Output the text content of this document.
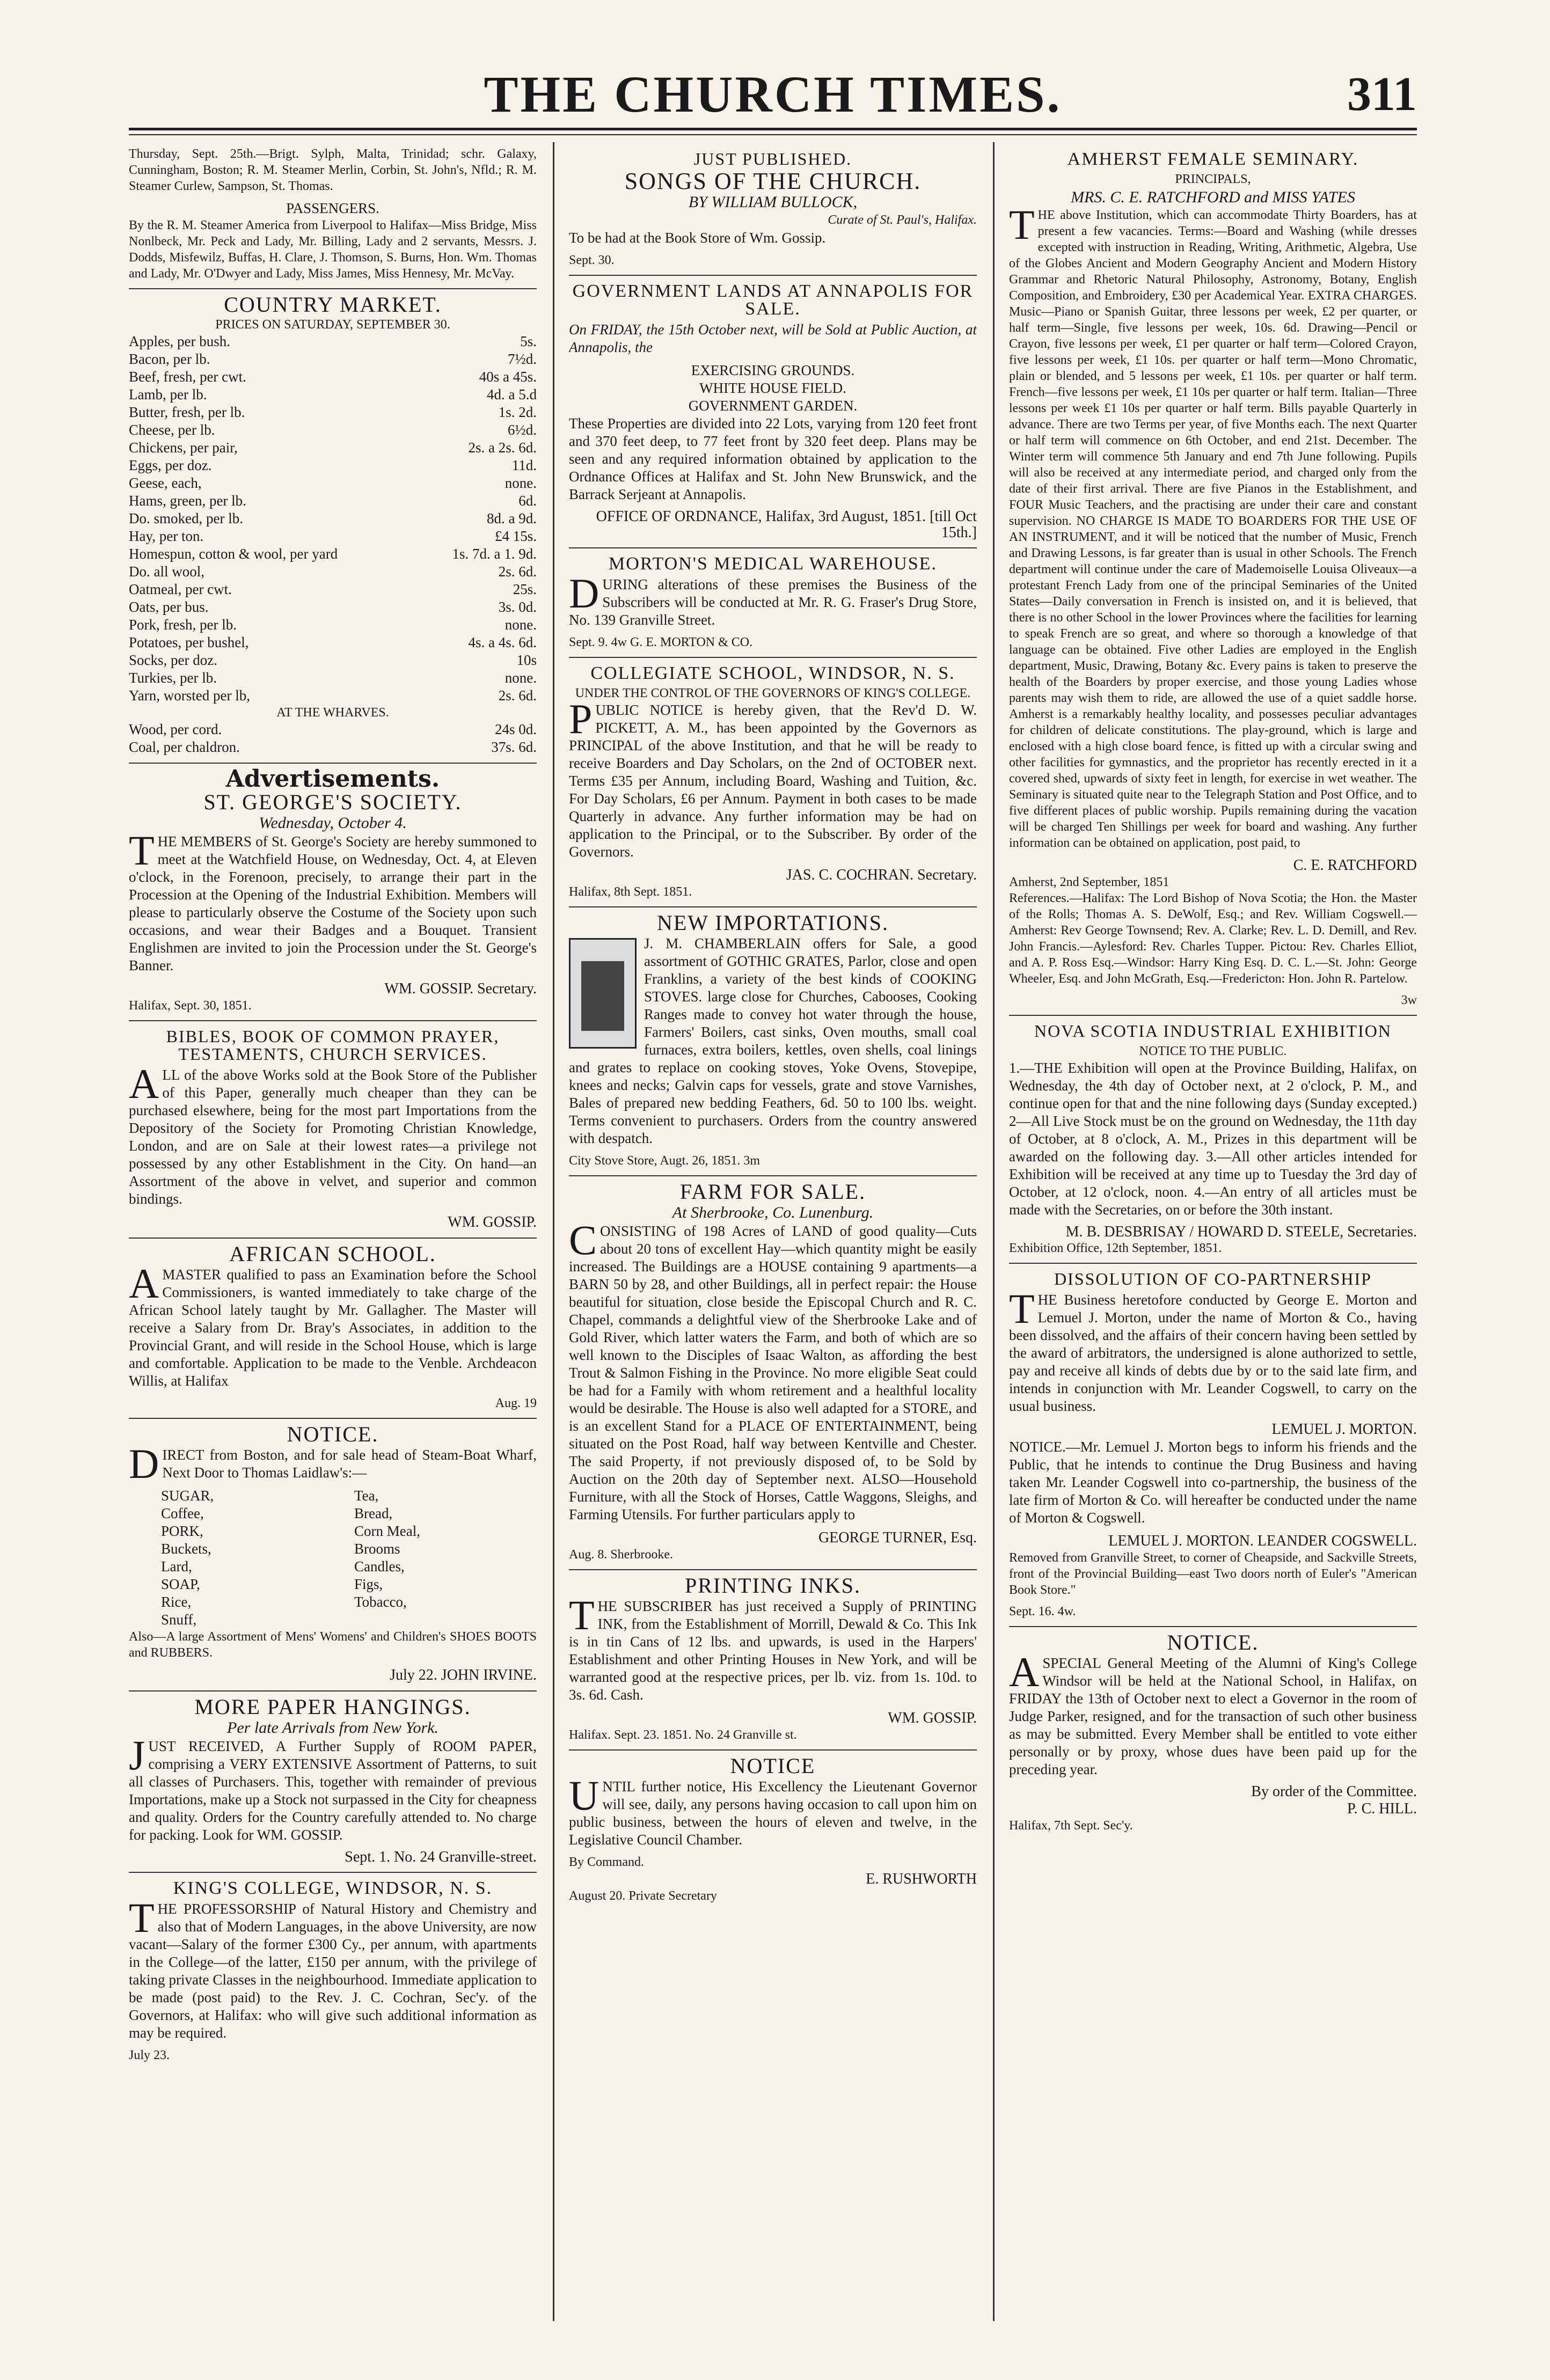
THE CHURCH TIMES.	311
Thursday, Sept. 25th.—Brigt. Sylph, Malta, Trinidad; schr. Galaxy, Cunningham, Boston; R. M. Steamer Merlin, Corbin, St. John's, Nfld.; R. M. Steamer Curlew, Sampson, St. Thomas.
PASSENGERS.
By the R. M. Steamer America from Liverpool to Halifax—Miss Bridge, Miss Nonlbeck, Mr. Peck and Lady, Mr. Billing, Lady and 2 servants, Messrs. J. Dodds, Misfewilz, Buffas, H. Clare, J. Thomson, S. Burns, Hon. Wm. Thomas and Lady, Mr. O'Dwyer and Lady, Miss James, Miss Hennesy, Mr. McVay.
COUNTRY MARKET.
PRICES ON SATURDAY, SEPTEMBER 30.
Apples, per bush.	5s.
Bacon, per lb.	7½d.
Beef, fresh, per cwt.	40s a 45s.
Lamb, per lb.	4d. a 5.d
Butter, fresh, per lb.	1s. 2d.
Cheese, per lb.	6½d.
Chickens, per pair,	2s. a 2s. 6d.
Eggs, per doz.	11d.
Geese, each,	none.
Hams, green, per lb.	6d.
Do. smoked, per lb.	8d. a 9d.
Hay, per ton.	£4 15s.
Homespun, cotton & wool, per yard	1s. 7d. a 1. 9d.
Do. all wool,	2s. 6d.
Oatmeal, per cwt.	25s.
Oats, per bus.	3s. 0d.
Pork, fresh, per lb.	none.
Potatoes, per bushel,	4s. a 4s. 6d.
Socks, per doz.	10s
Turkies, per lb.	none.
Yarn, worsted per lb,	2s. 6d.
AT THE WHARVES.
Wood, per cord.	24s 0d.
Coal, per chaldron.	37s. 6d.
Advertisements.
ST. GEORGE'S SOCIETY.
Wednesday, October 4.
THE MEMBERS of St. George's Society are hereby summoned to meet at the Watchfield House, on Wednesday, Oct. 4, at Eleven o'clock, in the Forenoon, precisely, to arrange their part in the Procession at the Opening of the Industrial Exhibition. Members will please to particularly observe the Costume of the Society upon such occasions, and wear their Badges and a Bouquet. Transient Englishmen are invited to join the Procession under the St. George's Banner.
WM. GOSSIP. Secretary.
Halifax, Sept. 30, 1851.
BIBLES, BOOK OF COMMON PRAYER, TESTAMENTS, CHURCH SERVICES.
ALL of the above Works sold at the Book Store of the Publisher of this Paper, generally much cheaper than they can be purchased elsewhere, being for the most part Importations from the Depository of the Society for Promoting Christian Knowledge, London, and are on Sale at their lowest rates—a privilege not possessed by any other Establishment in the City. On hand—an Assortment of the above in velvet, and superior and common bindings.
WM. GOSSIP.
AFRICAN SCHOOL.
AMASTER qualified to pass an Examination before the School Commissioners, is wanted immediately to take charge of the African School lately taught by Mr. Gallagher. The Master will receive a Salary from Dr. Bray's Associates, in addition to the Provincial Grant, and will reside in the School House, which is large and comfortable. Application to be made to the Venble. Archdeacon Willis, at Halifax
Aug. 19
NOTICE.
DIRECT from Boston, and for sale head of Steam-Boat Wharf, Next Door to Thomas Laidlaw's:—
SUGAR,	Tea,
Coffee,	Bread,
PORK,	Corn Meal,
Buckets,	Brooms
Lard,	Candles,
SOAP,	Figs,
Rice,	Tobacco,
Snuff,
Also—A large Assortment of Mens' Womens' and Children's SHOES BOOTS and RUBBERS.
July 22. JOHN IRVINE.
MORE PAPER HANGINGS.
Per late Arrivals from New York.
JUST RECEIVED, A Further Supply of ROOM PAPER, comprising a VERY EXTENSIVE Assortment of Patterns, to suit all classes of Purchasers. This, together with remainder of previous Importations, make up a Stock not surpassed in the City for cheapness and quality. Orders for the Country carefully attended to. No charge for packing. Look for WM. GOSSIP.
Sept. 1. No. 24 Granville-street.
KING'S COLLEGE, WINDSOR, N. S.
THE PROFESSORSHIP of Natural History and Chemistry and also that of Modern Languages, in the above University, are now vacant—Salary of the former £300 Cy., per annum, with apartments in the College—of the latter, £150 per annum, with the privilege of taking private Classes in the neighbourhood. Immediate application to be made (post paid) to the Rev. J. C. Cochran, Sec'y. of the Governors, at Halifax: who will give such additional information as may be required.
July 23.
JUST PUBLISHED.
SONGS OF THE CHURCH.
BY WILLIAM BULLOCK,
Curate of St. Paul's, Halifax.
To be had at the Book Store of Wm. Gossip.
Sept. 30.
GOVERNMENT LANDS AT ANNAPOLIS FOR SALE.
On FRIDAY, the 15th October next, will be Sold at Public Auction, at Annapolis, the
EXERCISING GROUNDS.
WHITE HOUSE FIELD.
GOVERNMENT GARDEN.
These Properties are divided into 22 Lots, varying from 120 feet front and 370 feet deep, to 77 feet front by 320 feet deep. Plans may be seen and any required information obtained by application to the Ordnance Offices at Halifax and St. John New Brunswick, and the Barrack Serjeant at Annapolis.
OFFICE OF ORDNANCE, Halifax, 3rd August, 1851. [till Oct 15th.]
MORTON'S MEDICAL WAREHOUSE.
DURING alterations of these premises the Business of the Subscribers will be conducted at Mr. R. G. Fraser's Drug Store, No. 139 Granville Street.
Sept. 9. 4w G. E. MORTON & CO.
COLLEGIATE SCHOOL, WINDSOR, N. S.
UNDER THE CONTROL OF THE GOVERNORS OF KING'S COLLEGE.
PUBLIC NOTICE is hereby given, that the Rev'd D. W. PICKETT, A. M., has been appointed by the Governors as PRINCIPAL of the above Institution, and that he will be ready to receive Boarders and Day Scholars, on the 2nd of OCTOBER next. Terms £35 per Annum, including Board, Washing and Tuition, &c. For Day Scholars, £6 per Annum. Payment in both cases to be made Quarterly in advance. Any further information may be had on application to the Principal, or to the Subscriber. By order of the Governors.
JAS. C. COCHRAN. Secretary.
Halifax, 8th Sept. 1851.
NEW IMPORTATIONS.
J. M. CHAMBERLAIN offers for Sale, a good assortment of GOTHIC GRATES, Parlor, close and open Franklins, a variety of the best kinds of COOKING STOVES. large close for Churches, Cabooses, Cooking Ranges made to convey hot water through the house, Farmers' Boilers, cast sinks, Oven mouths, small coal furnaces, extra boilers, kettles, oven shells, coal linings and grates to replace on cooking stoves, Yoke Ovens, Stovepipe, knees and necks; Galvin caps for vessels, grate and stove Varnishes, Bales of prepared new bedding Feathers, 6d. 50 to 100 lbs. weight. Terms convenient to purchasers. Orders from the country answered with despatch.
City Stove Store, Augt. 26, 1851. 3m
FARM FOR SALE.
At Sherbrooke, Co. Lunenburg.
CONSISTING of 198 Acres of LAND of good quality—Cuts about 20 tons of excellent Hay—which quantity might be easily increased. The Buildings are a HOUSE containing 9 apartments—a BARN 50 by 28, and other Buildings, all in perfect repair: the House beautiful for situation, close beside the Episcopal Church and R. C. Chapel, commands a delightful view of the Sherbrooke Lake and of Gold River, which latter waters the Farm, and both of which are so well known to the Disciples of Isaac Walton, as affording the best Trout & Salmon Fishing in the Province. No more eligible Seat could be had for a Family with whom retirement and a healthful locality would be desirable. The House is also well adapted for a STORE, and is an excellent Stand for a PLACE OF ENTERTAINMENT, being situated on the Post Road, half way between Kentville and Chester. The said Property, if not previously disposed of, to be Sold by Auction on the 20th day of September next. ALSO—Household Furniture, with all the Stock of Horses, Cattle Waggons, Sleighs, and Farming Utensils. For further particulars apply to
GEORGE TURNER, Esq.
Aug. 8. Sherbrooke.
PRINTING INKS.
THE SUBSCRIBER has just received a Supply of PRINTING INK, from the Establishment of Morrill, Dewald & Co. This Ink is in tin Cans of 12 lbs. and upwards, is used in the Harpers' Establishment and other Printing Houses in New York, and will be warranted good at the respective prices, per lb. viz. from 1s. 10d. to 3s. 6d. Cash.
WM. GOSSIP.
Halifax. Sept. 23. 1851. No. 24 Granville st.
NOTICE
UNTIL further notice, His Excellency the Lieutenant Governor will see, daily, any persons having occasion to call upon him on public business, between the hours of eleven and twelve, in the Legislative Council Chamber.
By Command.
E. RUSHWORTH
August 20. Private Secretary
AMHERST FEMALE SEMINARY.
PRINCIPALS,
MRS. C. E. RATCHFORD and MISS YATES
THE above Institution, which can accommodate Thirty Boarders, has at present a few vacancies. Terms:—Board and Washing (while dresses excepted with instruction in Reading, Writing, Arithmetic, Algebra, Use of the Globes Ancient and Modern Geography Ancient and Modern History Grammar and Rhetoric Natural Philosophy, Astronomy, Botany, English Composition, and Embroidery, £30 per Academical Year. EXTRA CHARGES. Music—Piano or Spanish Guitar, three lessons per week, £2 per quarter, or half term—Single, five lessons per week, 10s. 6d. Drawing—Pencil or Crayon, five lessons per week, £1 per quarter or half term—Colored Crayon, five lessons per week, £1 10s. per quarter or half term—Mono Chromatic, plain or blended, and 5 lessons per week, £1 10s. per quarter or half term. French—five lessons per week, £1 10s per quarter or half term. Italian—Three lessons per week £1 10s per quarter or half term. Bills payable Quarterly in advance. There are two Terms per year, of five Months each. The next Quarter or half term will commence on 6th October, and end 21st. December. The Winter term will commence 5th January and end 7th June following. Pupils will also be received at any intermediate period, and charged only from the date of their first arrival. There are five Pianos in the Establishment, and FOUR Music Teachers, and the practising are under their care and constant supervision. NO CHARGE IS MADE TO BOARDERS FOR THE USE OF AN INSTRUMENT, and it will be noticed that the number of Music, French and Drawing Lessons, is far greater than is usual in other Schools. The French department will continue under the care of Mademoiselle Louisa Oliveaux—a protestant French Lady from one of the principal Seminaries of the United States—Daily conversation in French is insisted on, and it is believed, that there is no other School in the lower Provinces where the facilities for learning to speak French are so great, and where so thorough a knowledge of that language can be obtained. Five other Ladies are employed in the English department, Music, Drawing, Botany &c. Every pains is taken to preserve the health of the Boarders by proper exercise, and those young Ladies whose parents may wish them to ride, are allowed the use of a quiet saddle horse. Amherst is a remarkably healthy locality, and possesses peculiar advantages for children of delicate constitutions. The play-ground, which is large and enclosed with a high close board fence, is fitted up with a circular swing and other facilities for gymnastics, and the proprietor has recently erected in it a covered shed, upwards of sixty feet in length, for exercise in wet weather. The Seminary is situated quite near to the Telegraph Station and Post Office, and to five different places of public worship. Pupils remaining during the vacation will be charged Ten Shillings per week for board and washing. Any further information can be obtained on application, post paid, to
C. E. RATCHFORD
Amherst, 2nd September, 1851
References.—Halifax: The Lord Bishop of Nova Scotia; the Hon. the Master of the Rolls; Thomas A. S. DeWolf, Esq.; and Rev. William Cogswell.—Amherst: Rev George Townsend; Rev. A. Clarke; Rev. L. D. Demill, and Rev. John Francis.—Aylesford: Rev. Charles Tupper. Pictou: Rev. Charles Elliot, and A. P. Ross Esq.—Windsor: Harry King Esq. D. C. L.—St. John: George Wheeler, Esq. and John McGrath, Esq.—Fredericton: Hon. John R. Partelow.
3w
NOVA SCOTIA INDUSTRIAL EXHIBITION
NOTICE TO THE PUBLIC.
1.—THE Exhibition will open at the Province Building, Halifax, on Wednesday, the 4th day of October next, at 2 o'clock, P. M., and continue open for that and the nine following days (Sunday excepted.) 2—All Live Stock must be on the ground on Wednesday, the 11th day of October, at 8 o'clock, A. M., Prizes in this department will be awarded on the following day. 3.—All other articles intended for Exhibition will be received at any time up to Tuesday the 3rd day of October, at 12 o'clock, noon. 4.—An entry of all articles must be made with the Secretaries, on or before the 30th instant.
M. B. DESBRISAY / HOWARD D. STEELE, Secretaries.
Exhibition Office, 12th September, 1851.
DISSOLUTION OF CO-PARTNERSHIP
THE Business heretofore conducted by George E. Morton and Lemuel J. Morton, under the name of Morton & Co., having been dissolved, and the affairs of their concern having been settled by the award of arbitrators, the undersigned is alone authorized to settle, pay and receive all kinds of debts due by or to the said late firm, and intends in conjunction with Mr. Leander Cogswell, to carry on the usual business.
LEMUEL J. MORTON.
NOTICE.—Mr. Lemuel J. Morton begs to inform his friends and the Public, that he intends to continue the Drug Business and having taken Mr. Leander Cogswell into co-partnership, the business of the late firm of Morton & Co. will hereafter be conducted under the name of Morton & Cogswell.
LEMUEL J. MORTON. LEANDER COGSWELL.
Removed from Granville Street, to corner of Cheapside, and Sackville Streets, front of the Provincial Building—east Two doors north of Euler's "American Book Store."
Sept. 16. 4w.
NOTICE.
ASPECIAL General Meeting of the Alumni of King's College Windsor will be held at the National School, in Halifax, on FRIDAY the 13th of October next to elect a Governor in the room of Judge Parker, resigned, and for the transaction of such other business as may be submitted. Every Member shall be entitled to vote either personally or by proxy, whose dues have been paid up for the preceding year.
By order of the Committee.
P. C. HILL.
Halifax, 7th Sept. Sec'y.
